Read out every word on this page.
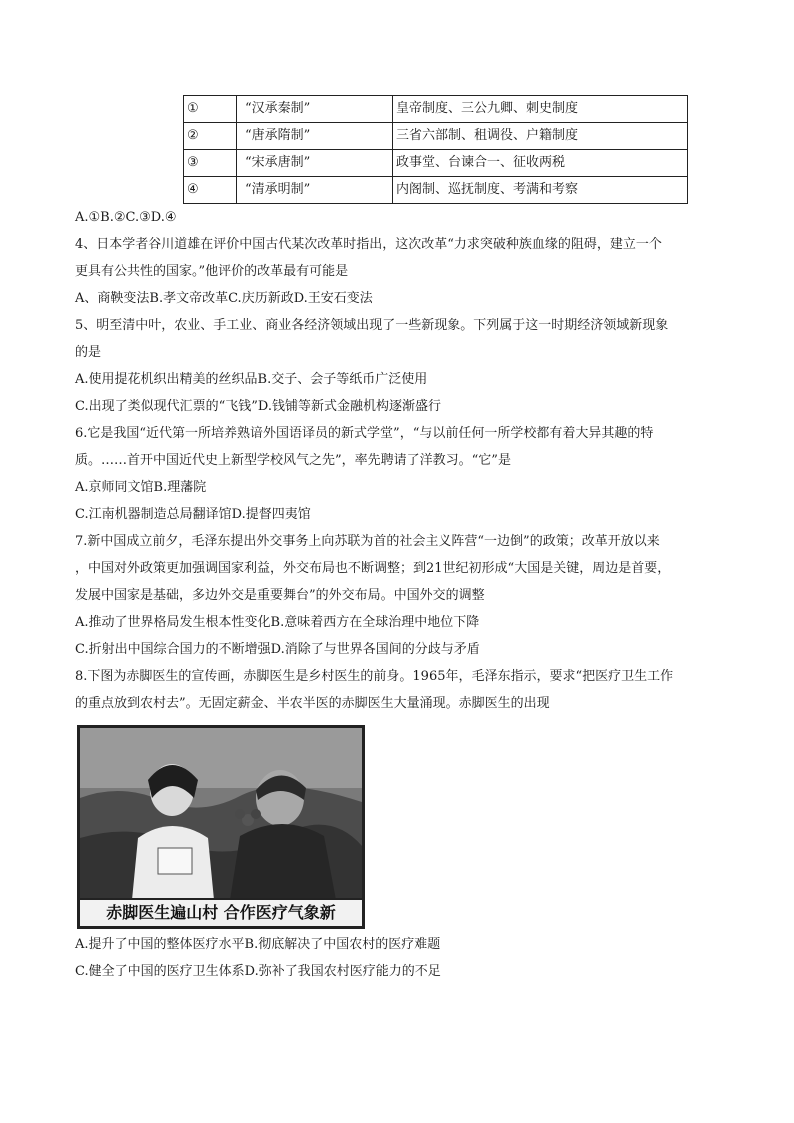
①	“汉承秦制”	皇帝制度、三公九卿、刺史制度
②	“唐承隋制”	三省六部制、租调役、户籍制度
③	“宋承唐制”	政事堂、台谏合一、征收两税
④	“清承明制”	内阁制、巡抚制度、考满和考察
A.①B.②C.③D.④
4、日本学者谷川道雄在评价中国古代某次改革时指出，这次改革“力求突破种族血缘的阻碍，建立一个
更具有公共性的国家。”他评价的改革最有可能是
A、商鞅变法B.孝文帝改革C.庆历新政D.王安石变法
5、明至清中叶，农业、手工业、商业各经济领域出现了一些新现象。下列属于这一时期经济领域新现象
的是
A.使用提花机织出精美的丝织品B.交子、会子等纸币广泛使用
C.出现了类似现代汇票的“飞钱”D.钱铺等新式金融机构逐渐盛行
6.它是我国“近代第一所培养熟谙外国语译员的新式学堂”，“与以前任何一所学校都有着大异其趣的特
质。……首开中国近代史上新型学校风气之先”，率先聘请了洋教习。“它”是
A.京师同文馆B.理藩院
C.江南机器制造总局翻译馆D.提督四夷馆
7.新中国成立前夕，毛泽东提出外交事务上向苏联为首的社会主义阵营“一边倒”的政策；改革开放以来
，中国对外政策更加强调国家利益，外交布局也不断调整；到21世纪初形成“大国是关键，周边是首要，
发展中国家是基础，多边外交是重要舞台”的外交布局。中国外交的调整
A.推动了世界格局发生根本性变化B.意味着西方在全球治理中地位下降
C.折射出中国综合国力的不断增强D.消除了与世界各国间的分歧与矛盾
8.下图为赤脚医生的宣传画，赤脚医生是乡村医生的前身。1965年，毛泽东指示，要求“把医疗卫生工作
的重点放到农村去”。无固定薪金、半农半医的赤脚医生大量涌现。赤脚医生的出现
赤脚医生遍山村 合作医疗气象新
A.提升了中国的整体医疗水平B.彻底解决了中国农村的医疗难题
C.健全了中国的医疗卫生体系D.弥补了我国农村医疗能力的不足
